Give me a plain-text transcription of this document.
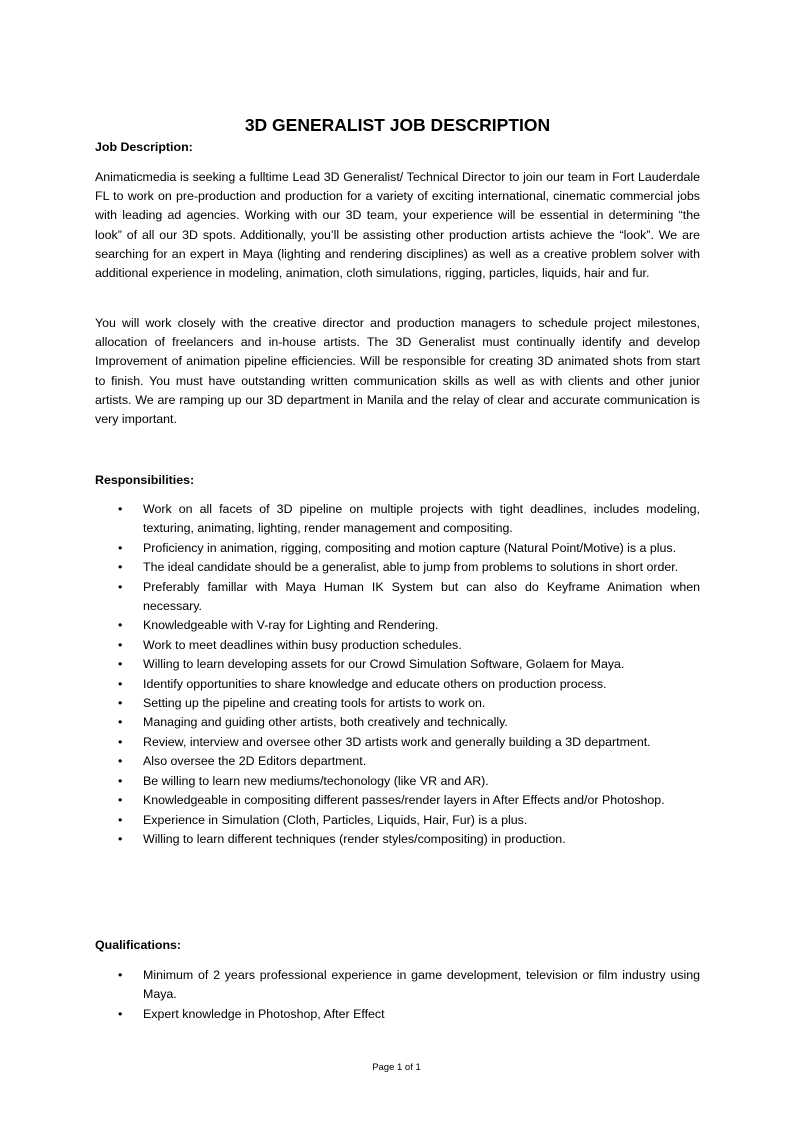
3D GENERALIST JOB DESCRIPTION
Job Description:

Animaticmedia is seeking a fulltime Lead 3D Generalist/ Technical Director to join our team in Fort Lauderdale FL to work on pre-production and production for a variety of exciting international, cinematic commercial jobs with leading ad agencies. Working with our 3D team, your experience will be essential in determining “the look” of all our 3D spots. Additionally, you’ll be assisting other production artists achieve the “look”. We are searching for an expert in Maya (lighting and rendering disciplines) as well as a creative problem solver with additional experience in modeling, animation, cloth simulations, rigging, particles, liquids, hair and fur.

You will work closely with the creative director and production managers to schedule project milestones, allocation of freelancers and in-house artists. The 3D Generalist must continually identify and develop Improvement of animation pipeline efficiencies. Will be responsible for creating 3D animated shots from start to finish. You must have outstanding written communication skills as well as with clients and other junior artists. We are ramping up our 3D department in Manila and the relay of clear and accurate communication is very important.

Responsibilities:
• Work on all facets of 3D pipeline on multiple projects with tight deadlines, includes modeling, texturing, animating, lighting, render management and compositing.
• Proficiency in animation, rigging, compositing and motion capture (Natural Point/Motive) is a plus.
• The ideal candidate should be a generalist, able to jump from problems to solutions in short order.
• Preferably famillar with Maya Human IK System but can also do Keyframe Animation when necessary.
• Knowledgeable with V-ray for Lighting and Rendering.
• Work to meet deadlines within busy production schedules.
• Willing to learn developing assets for our Crowd Simulation Software, Golaem for Maya.
• Identify opportunities to share knowledge and educate others on production process.
• Setting up the pipeline and creating tools for artists to work on.
• Managing and guiding other artists, both creatively and technically.
• Review, interview and oversee other 3D artists work and generally building a 3D department.
• Also oversee the 2D Editors department.
• Be willing to learn new mediums/techonology (like VR and AR).
• Knowledgeable in compositing different passes/render layers in After Effects and/or Photoshop.
• Experience in Simulation (Cloth, Particles, Liquids, Hair, Fur) is a plus.
• Willing to learn different techniques (render styles/compositing) in production.
Qualifications:
• Minimum of 2 years professional experience in game development, television or film industry using Maya.
• Expert knowledge in Photoshop, After Effect
Page 1 of 1
